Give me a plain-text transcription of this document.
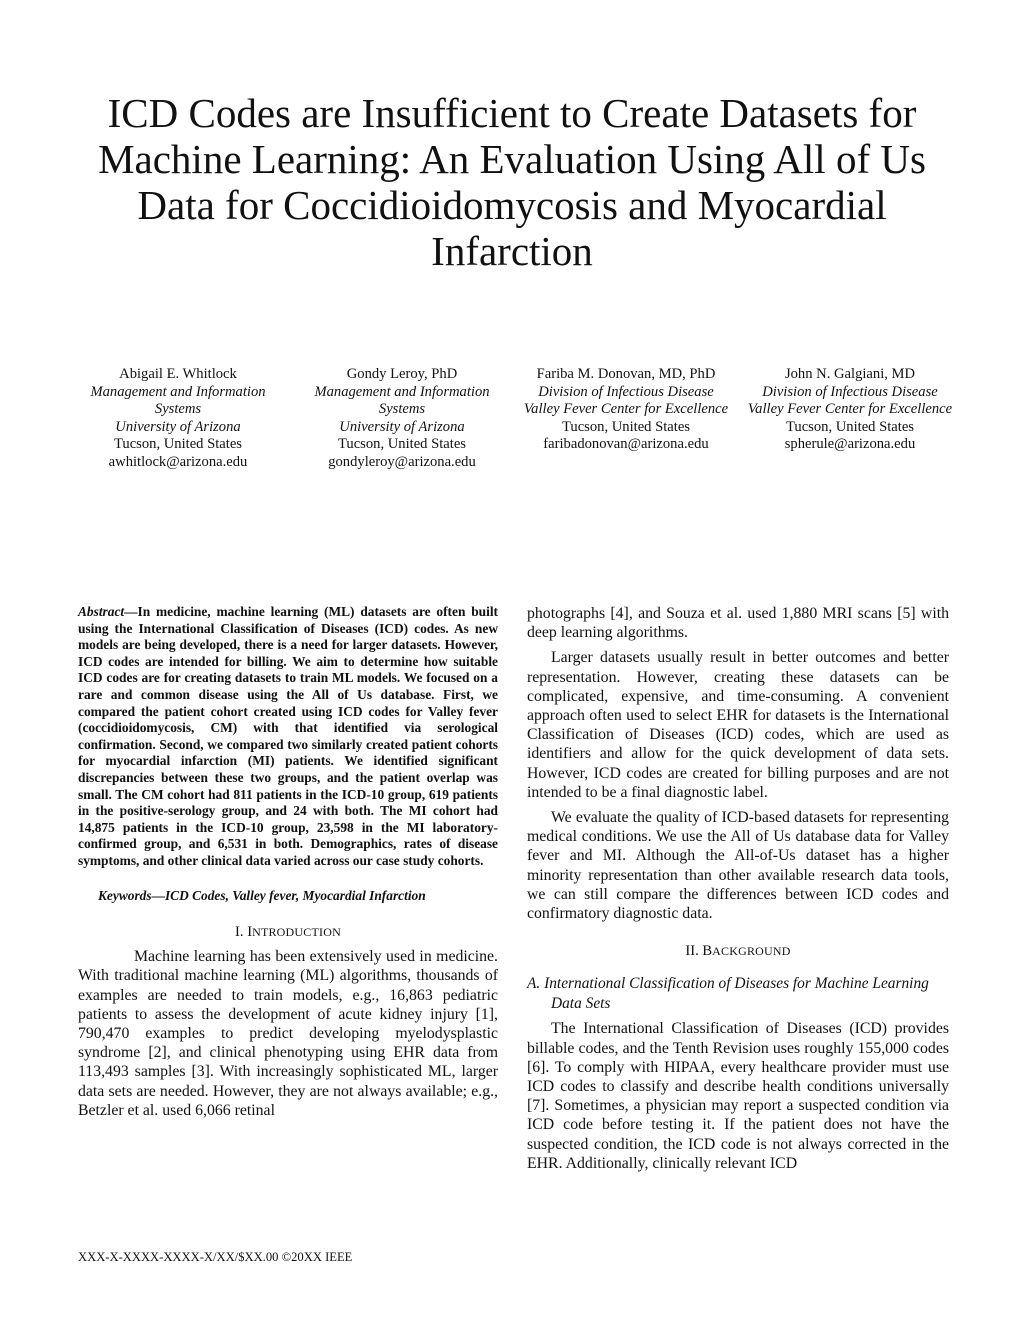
ICD Codes are Insufficient to Create Datasets for Machine Learning: An Evaluation Using All of Us Data for Coccidioidomycosis and Myocardial Infarction
Abigail E. Whitlock
Management and Information Systems
University of Arizona
Tucson, United States
awhitlock@arizona.edu
Gondy Leroy, PhD
Management and Information Systems
University of Arizona
Tucson, United States
gondyleroy@arizona.edu
Fariba M. Donovan, MD, PhD
Division of Infectious Disease
Valley Fever Center for Excellence
Tucson, United States
faribadonovan@arizona.edu
John N. Galgiani, MD
Division of Infectious Disease
Valley Fever Center for Excellence
Tucson, United States
spherule@arizona.edu

Abstract—In medicine, machine learning (ML) datasets are often built using the International Classification of Diseases (ICD) codes. As new models are being developed, there is a need for larger datasets. However, ICD codes are intended for billing. We aim to determine how suitable ICD codes are for creating datasets to train ML models. We focused on a rare and common disease using the All of Us database. First, we compared the patient cohort created using ICD codes for Valley fever (coccidioidomycosis, CM) with that identified via serological confirmation. Second, we compared two similarly created patient cohorts for myocardial infarction (MI) patients. We identified significant discrepancies between these two groups, and the patient overlap was small. The CM cohort had 811 patients in the ICD-10 group, 619 patients in the positive-serology group, and 24 with both. The MI cohort had 14,875 patients in the ICD-10 group, 23,598 in the MI laboratory-confirmed group, and 6,531 in both. Demographics, rates of disease symptoms, and other clinical data varied across our case study cohorts.

Keywords—ICD Codes, Valley fever, Myocardial Infarction

I. INTRODUCTION

Machine learning has been extensively used in medicine. With traditional machine learning (ML) algorithms, thousands of examples are needed to train models, e.g., 16,863 pediatric patients to assess the development of acute kidney injury [1], 790,470 examples to predict developing myelodysplastic syndrome [2], and clinical phenotyping using EHR data from 113,493 samples [3]. With increasingly sophisticated ML, larger data sets are needed. However, they are not always available; e.g., Betzler et al. used 6,066 retinal

photographs [4], and Souza et al. used 1,880 MRI scans [5] with deep learning algorithms.

Larger datasets usually result in better outcomes and better representation. However, creating these datasets can be complicated, expensive, and time-consuming. A convenient approach often used to select EHR for datasets is the International Classification of Diseases (ICD) codes, which are used as identifiers and allow for the quick development of data sets. However, ICD codes are created for billing purposes and are not intended to be a final diagnostic label.

We evaluate the quality of ICD-based datasets for representing medical conditions. We use the All of Us database data for Valley fever and MI. Although the All-of-Us dataset has a higher minority representation than other available research data tools, we can still compare the differences between ICD codes and confirmatory diagnostic data.

II. BACKGROUND

A. International Classification of Diseases for Machine Learning Data Sets

The International Classification of Diseases (ICD) provides billable codes, and the Tenth Revision uses roughly 155,000 codes [6]. To comply with HIPAA, every healthcare provider must use ICD codes to classify and describe health conditions universally [7]. Sometimes, a physician may report a suspected condition via ICD code before testing it. If the patient does not have the suspected condition, the ICD code is not always corrected in the EHR. Additionally, clinically relevant ICD

XXX-X-XXXX-XXXX-X/XX/$XX.00 ©20XX IEEE
